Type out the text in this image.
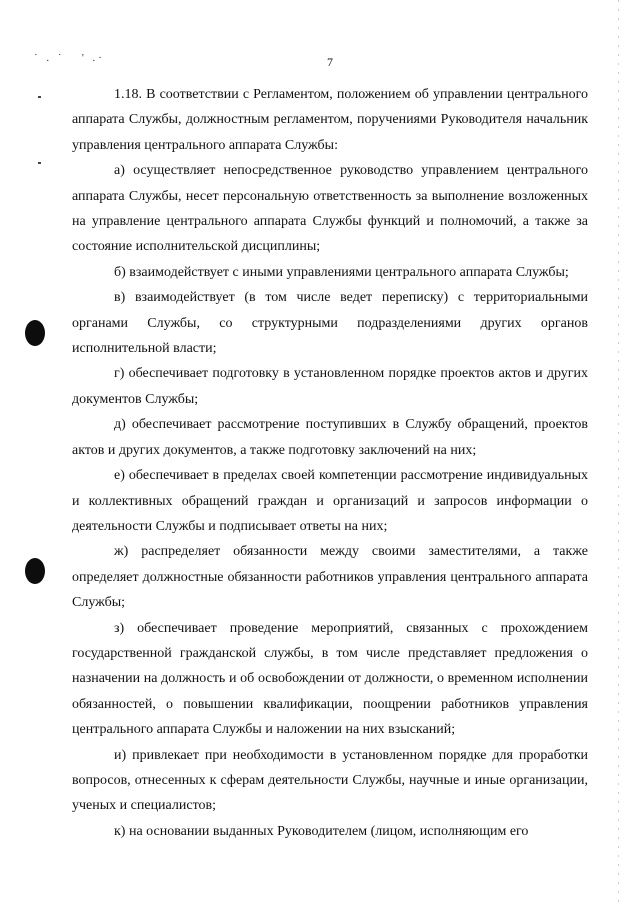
˙ . ˙   ' .·	7

1.18. В соответствии с Регламентом, положением об управлении центрального аппарата Службы, должностным регламентом, поручениями Руководителя начальник управления центрального аппарата Службы:

а) осуществляет непосредственное руководство управлением центрального аппарата Службы, несет персональную ответственность за выполнение возложенных на управление центрального аппарата Службы функций и полномочий, а также за состояние исполнительской дисциплины;

б) взаимодействует с иными управлениями центрального аппарата Службы;

в) взаимодействует (в том числе ведет переписку) с территориальными органами Службы, со структурными подразделениями других органов исполнительной власти;

г) обеспечивает подготовку в установленном порядке проектов актов и других документов Службы;

д) обеспечивает рассмотрение поступивших в Службу обращений, проектов актов и других документов, а также подготовку заключений на них;

е) обеспечивает в пределах своей компетенции рассмотрение индивидуальных и коллективных обращений граждан и организаций и запросов информации о деятельности Службы и подписывает ответы на них;

ж) распределяет обязанности между своими заместителями, а также определяет должностные обязанности работников управления центрального аппарата Службы;

з) обеспечивает проведение мероприятий, связанных с прохождением государственной гражданской службы, в том числе представляет предложения о назначении на должность и об освобождении от должности, о временном исполнении обязанностей, о повышении квалификации, поощрении работников управления центрального аппарата Службы и наложении на них взысканий;

и) привлекает при необходимости в установленном порядке для проработки вопросов, отнесенных к сферам деятельности Службы, научные и иные организации, ученых и специалистов;

к) на основании выданных Руководителем (лицом, исполняющим его
